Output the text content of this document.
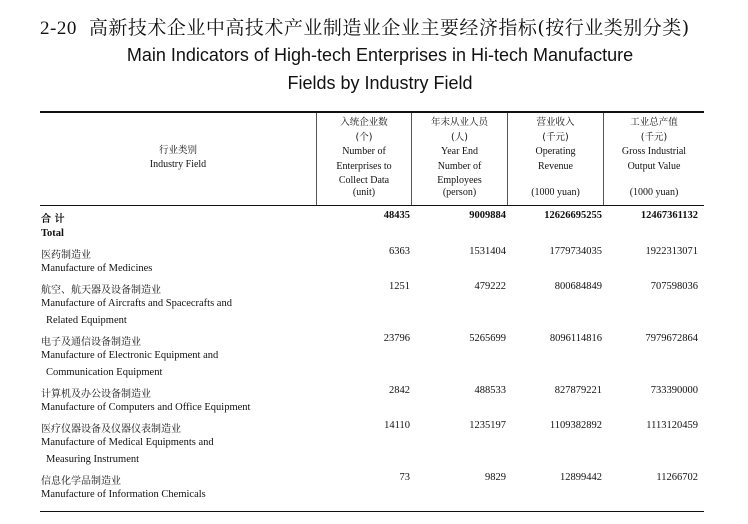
2-20 高新技术企业中高技术产业制造业企业主要经济指标(按行业类别分类)
Main Indicators of High-tech Enterprises in Hi-tech Manufacture
Fields by Industry Field
行业类别
Industry Field
入统企业数
(个)
Number of
Enterprises to
Collect Data
(unit)
年末从业人员
(人)
Year End
Number of
Employees
(person)
营业收入
(千元)
Operating
Revenue
(1000 yuan)
工业总产值
(千元)
Gross Industrial
Output Value
(1000 yuan)
合 计
Total
48435	9009884	12626695255	12467361132
医药制造业
Manufacture of Medicines
6363	1531404	1779734035	1922313071
航空、航天器及设备制造业
Manufacture of Aircrafts and Spacecrafts and
Related Equipment
1251	479222	800684849	707598036
电子及通信设备制造业
Manufacture of Electronic Equipment and
Communication Equipment
23796	5265699	8096114816	7979672864
计算机及办公设备制造业
Manufacture of Computers and Office Equipment
2842	488533	827879221	733390000
医疗仪器设备及仪器仪表制造业
Manufacture of Medical Equipments and
Measuring Instrument
14110	1235197	1109382892	1113120459
信息化学品制造业
Manufacture of Information Chemicals
73	9829	12899442	11266702
